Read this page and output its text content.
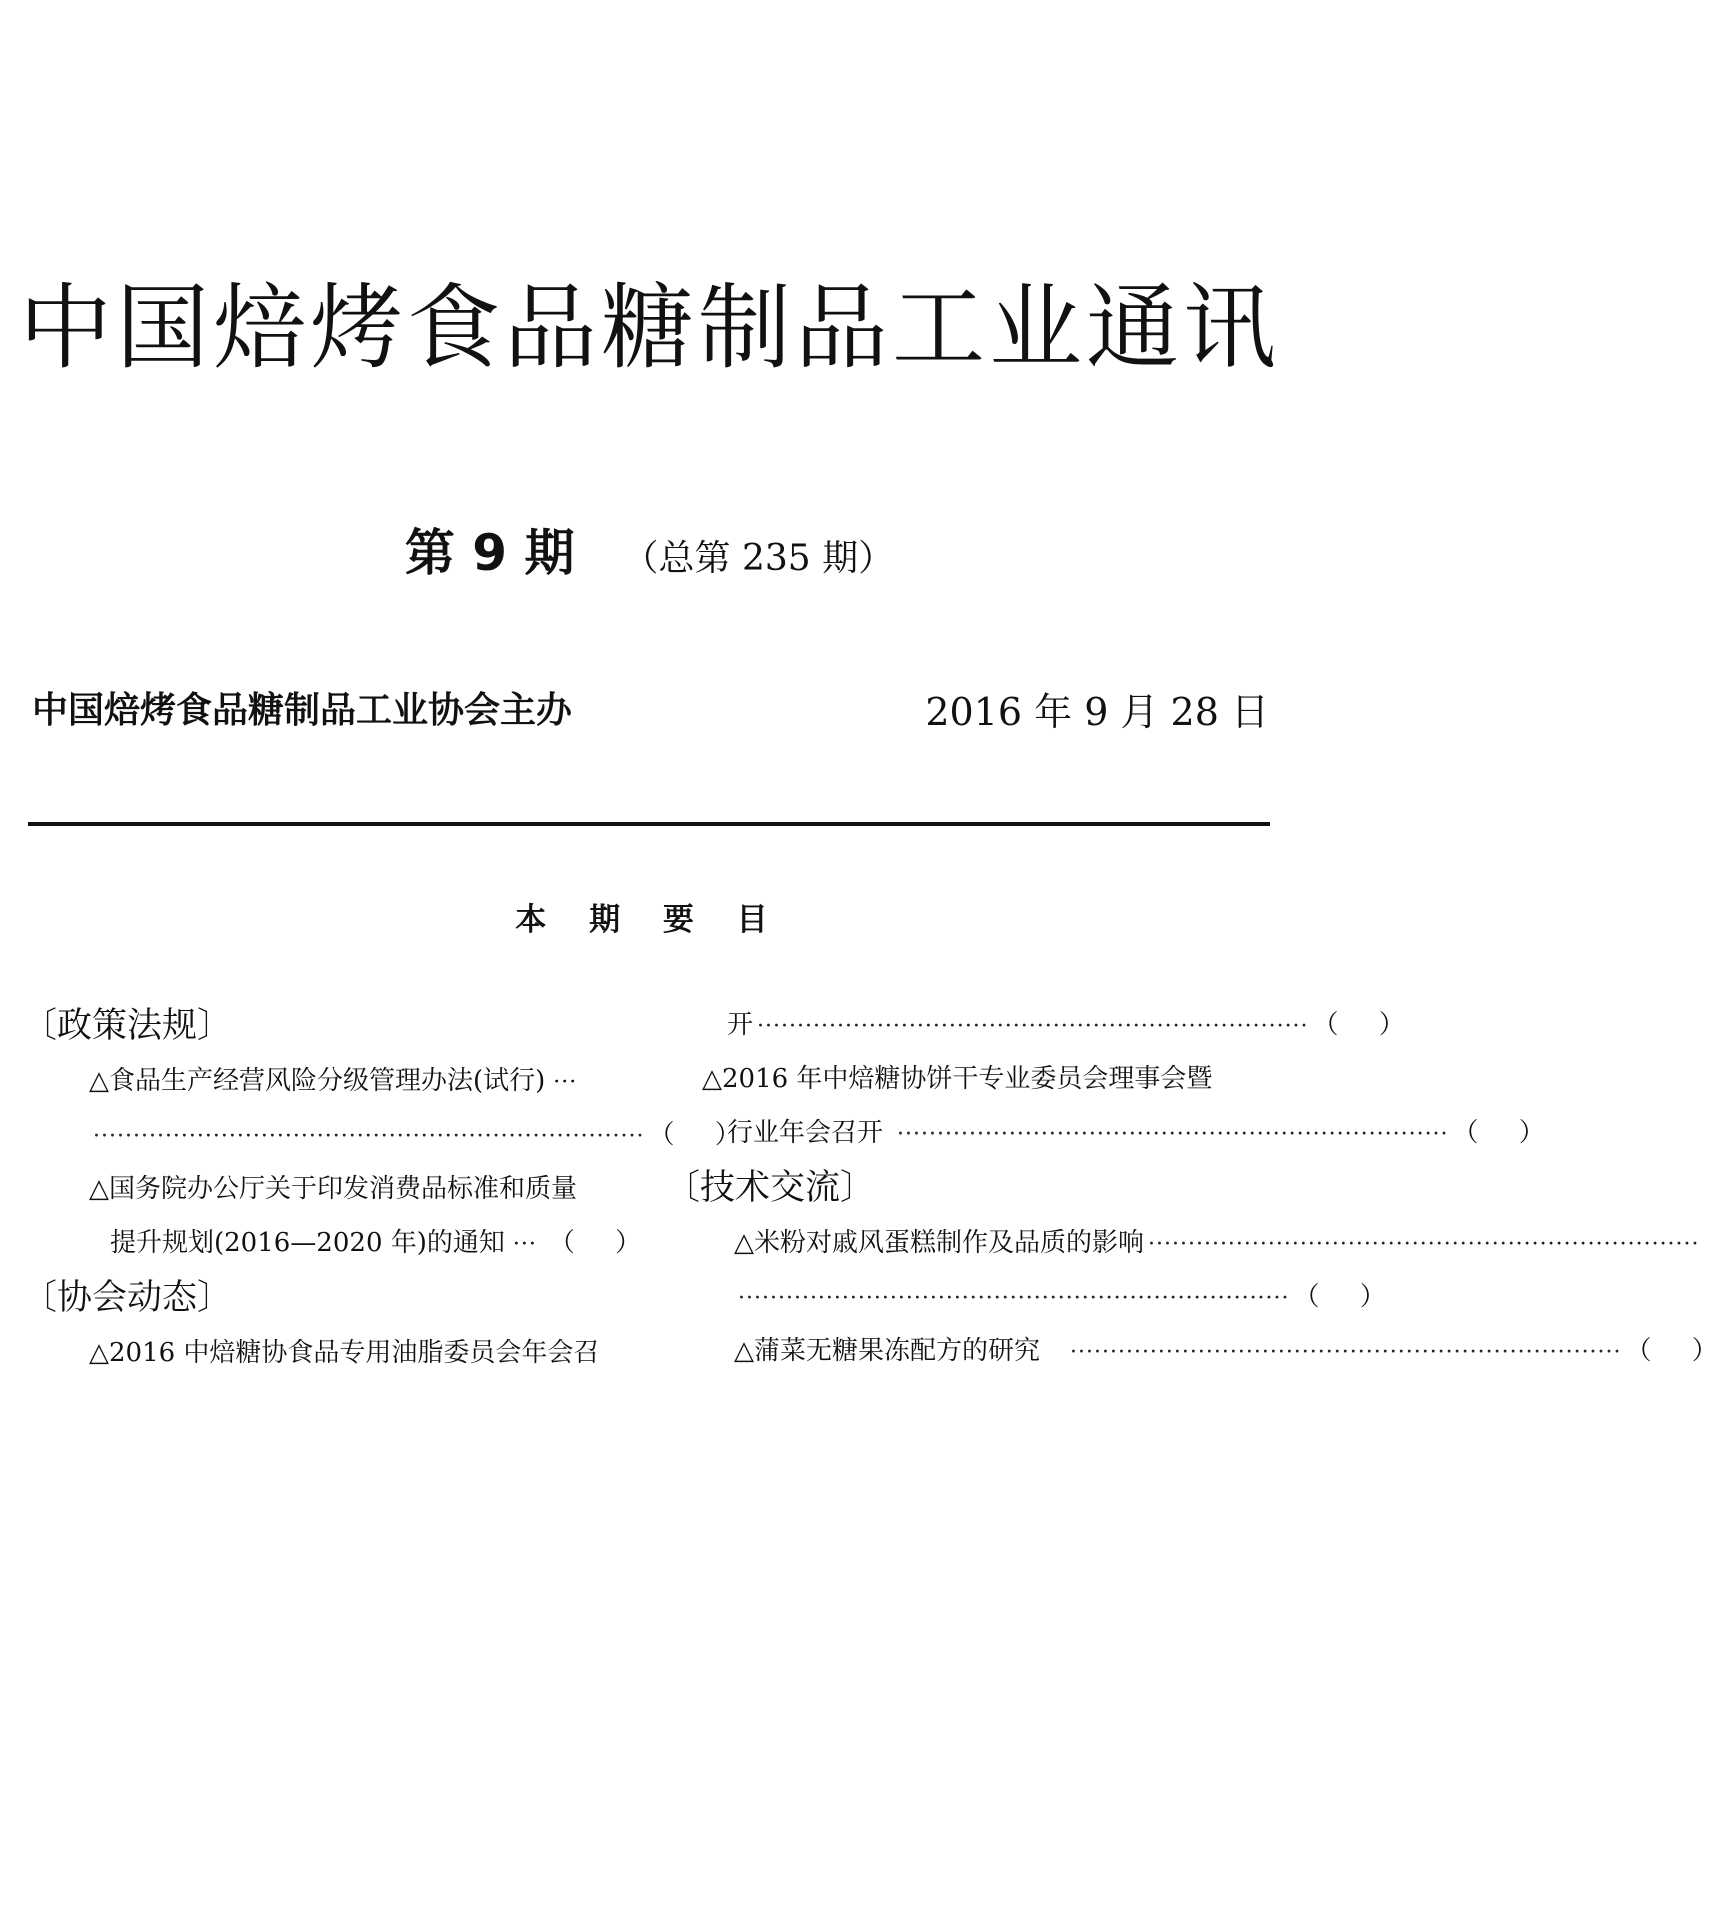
中国焙烤食品糖制品工业通讯
第 9 期 （总第 235 期）
中国焙烤食品糖制品工业协会主办	2016 年 9 月 28 日
本 期 要 目
〔政策法规〕
△食品生产经营风险分级管理办法(试行) ···
····································································· （ ）
△国务院办公厅关于印发消费品标准和质量
提升规划(2016—2020 年)的通知 ··· （ ）
〔协会动态〕
△2016 中焙糖协食品专用油脂委员会年会召
开 ····································································· （ ）
△2016 年中焙糖协饼干专业委员会理事会暨
行业年会召开 ····································································· （ ）
〔技术交流〕
△米粉对戚风蛋糕制作及品质的影响 ·····································································
····································································· （ ）
△蒲菜无糖果冻配方的研究 ····································································· （ ）
